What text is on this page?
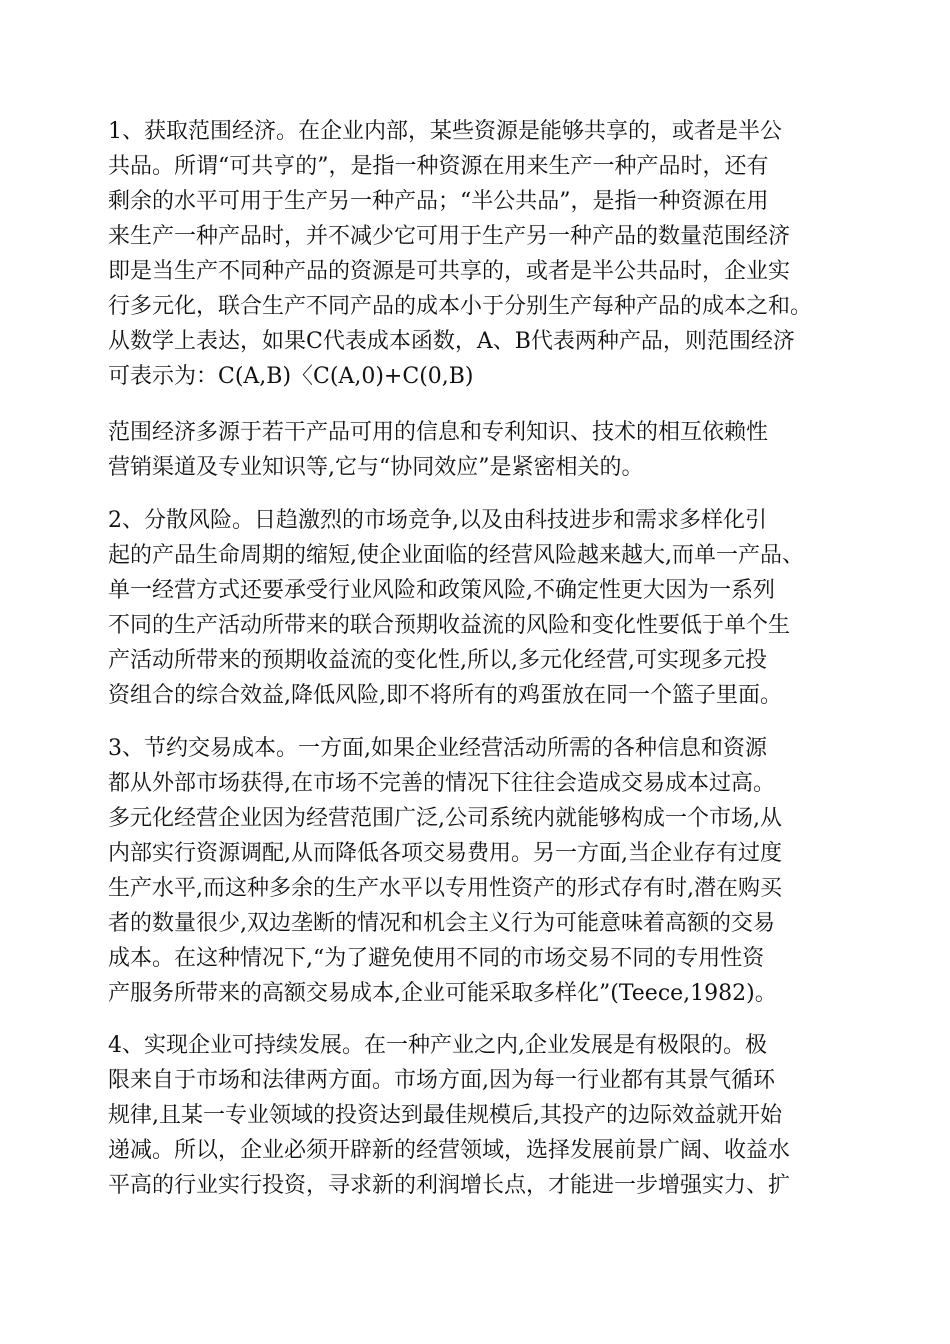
1、获取范围经济。在企业内部，某些资源是能够共享的，或者是半公
共品。所谓“可共亨的”，是指一种资源在用来生产一种产品时，还有
剩余的水平可用于生产另一种产品；“半公共品”，是指一种资源在用
来生产一种产品时，并不减少它可用于生产另一种产品的数量范围经济
即是当生产不同种产品的资源是可共享的，或者是半公共品时，企业实
行多元化，联合生产不同产品的成本小于分别生产每种产品的成本之和。
从数学上表达，如果C代表成本函数，A、B代表两种产品，则范围经济
可表示为：C(A,B)〈C(A,0)+C(0,B)
范围经济多源于若干产品可用的信息和专利知识、技术的相互依赖性
营销渠道及专业知识等,它与“协同效应”是紧密相关的。
2、分散风险。日趋激烈的市场竞争,以及由科技进步和需求多样化引
起的产品生命周期的缩短,使企业面临的经营风险越来越大,而单一产品、
单一经营方式还要承受行业风险和政策风险,不确定性更大因为一系列
不同的生产活动所带来的联合预期收益流的风险和变化性要低于单个生
产活动所带来的预期收益流的变化性,所以,多元化经营,可实现多元投
资组合的综合效益,降低风险,即不将所有的鸡蛋放在同一个篮子里面。
3、节约交易成本。一方面,如果企业经营活动所需的各种信息和资源
都从外部市场获得,在市场不完善的情况下往往会造成交易成本过高。
多元化经营企业因为经营范围广泛,公司系统内就能够构成一个市场,从
内部实行资源调配,从而降低各项交易费用。另一方面,当企业存有过度
生产水平,而这种多余的生产水平以专用性资产的形式存有时,潜在购买
者的数量很少,双边垄断的情况和机会主义行为可能意味着高额的交易
成本。在这种情况下,“为了避免使用不同的市场交易不同的专用性资
产服务所带来的高额交易成本,企业可能采取多样化”(Teece,1982)。
4、实现企业可持续发展。在一种产业之内,企业发展是有极限的。极
限来自于市场和法律两方面。市场方面,因为每一行业都有其景气循环
规律,且某一专业领域的投资达到最佳规模后,其投产的边际效益就开始
递减。所以，企业必须开辟新的经营领域，选择发展前景广阔、收益水
平高的行业实行投资，寻求新的利润增长点，才能进一步增强实力、扩
